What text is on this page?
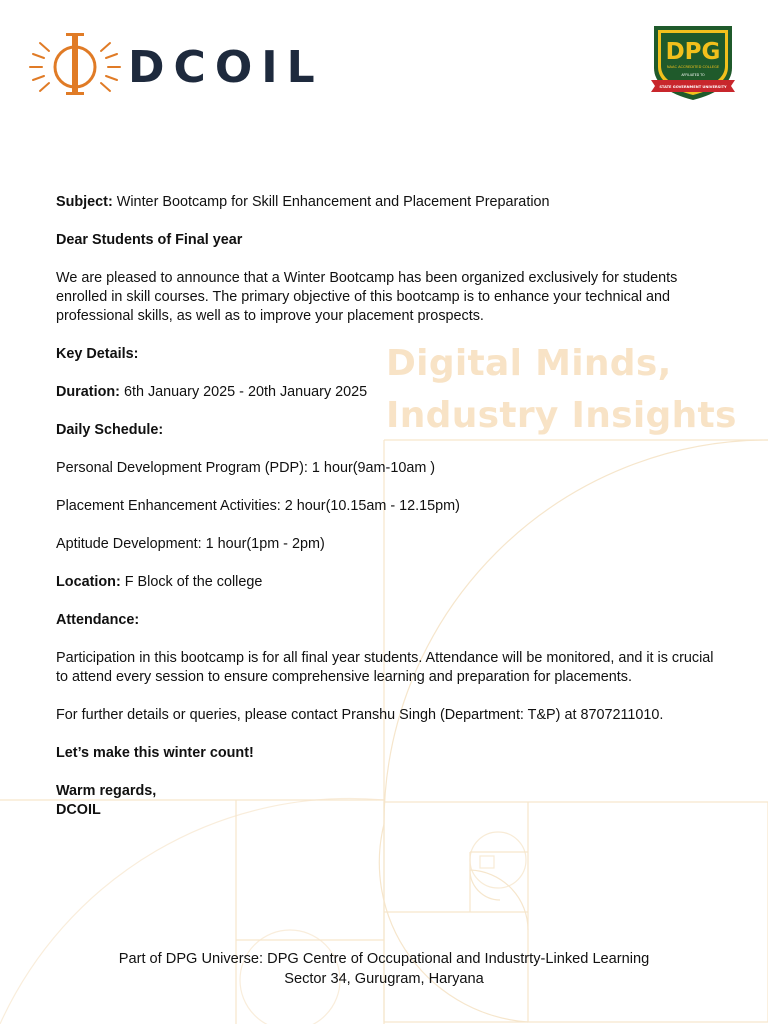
Digital Minds,
Industry Insights
DCOIL	DPG
NAAC ACCREDITED COLLEGE
AFFILIATED TO
STATE GOVERNMENT UNIVERSITY

Subject: Winter Bootcamp for Skill Enhancement and Placement Preparation

Dear Students of Final year

We are pleased to announce that a Winter Bootcamp has been organized exclusively for students enrolled in skill courses. The primary objective of this bootcamp is to enhance your technical and professional skills, as well as to improve your placement prospects.

Key Details:

Duration: 6th January 2025 - 20th January 2025

Daily Schedule:

Personal Development Program (PDP): 1 hour(9am-10am )

Placement Enhancement Activities: 2 hour(10.15am - 12.15pm)

Aptitude Development: 1 hour(1pm - 2pm)

Location: F Block of the college

Attendance:

Participation in this bootcamp is for all final year students. Attendance will be monitored, and it is crucial to attend every session to ensure comprehensive learning and preparation for placements.

For further details or queries, please contact Pranshu Singh (Department: T&P) at 8707211010.

Let’s make this winter count!

Warm regards,

DCOIL

Part of DPG Universe: DPG Centre of Occupational and Industrty-Linked Learning
Sector 34, Gurugram, Haryana
